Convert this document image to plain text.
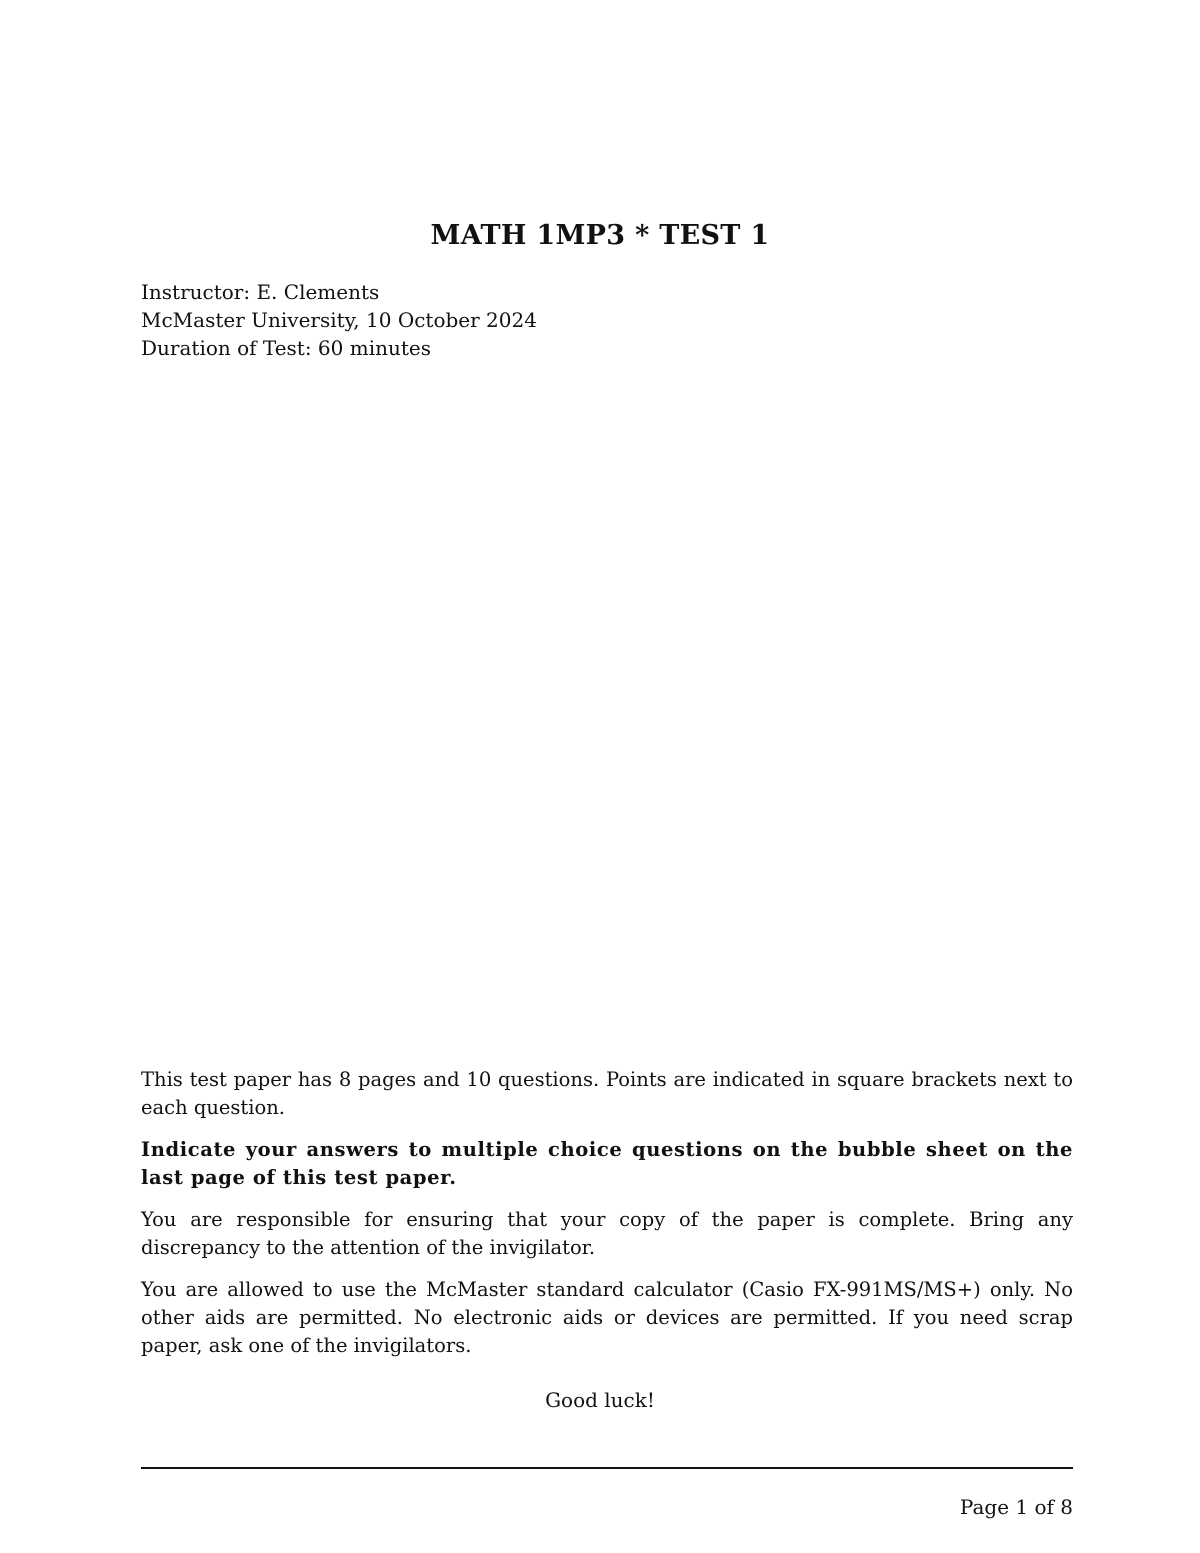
MATH 1MP3 * TEST 1
Instructor: E. Clements
McMaster University, 10 October 2024
Duration of Test: 60 minutes

This test paper has 8 pages and 10 questions. Points are indicated in square brackets next to each question.

Indicate your answers to multiple choice questions on the bubble sheet on the last page of this test paper.

You are responsible for ensuring that your copy of the paper is complete. Bring any discrepancy to the attention of the invigilator.

You are allowed to use the McMaster standard calculator (Casio FX-991MS/MS+) only. No other aids are permitted. No electronic aids or devices are permitted. If you need scrap paper, ask one of the invigilators.

Good luck!
Page 1 of 8
